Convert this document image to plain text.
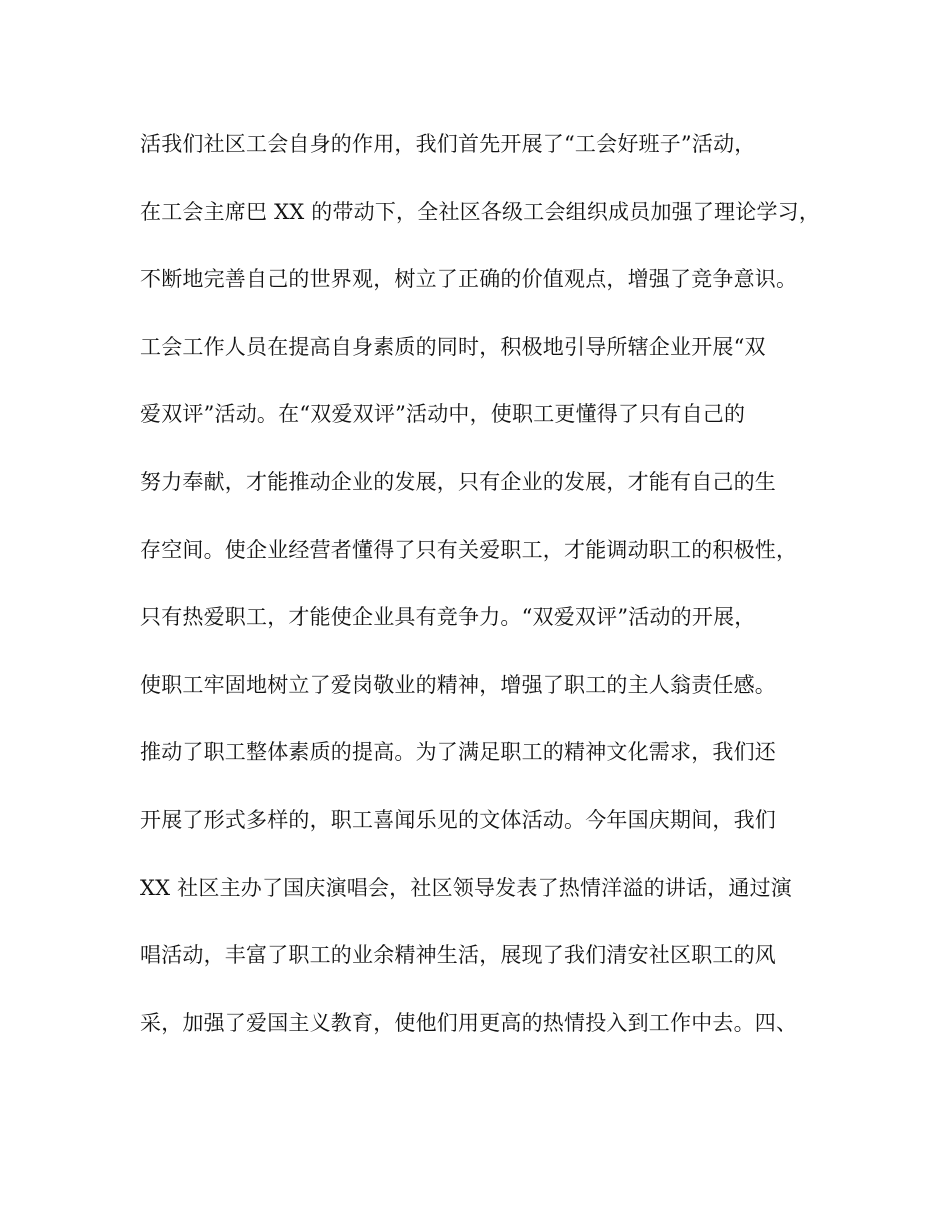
活我们社区工会自身的作用，我们首先开展了“工会好班子”活动，
在工会主席巴 XX 的带动下，全社区各级工会组织成员加强了理论学习，
不断地完善自己的世界观，树立了正确的价值观点，增强了竞争意识。
工会工作人员在提高自身素质的同时，积极地引导所辖企业开展“双
爱双评”活动。在“双爱双评”活动中，使职工更懂得了只有自己的
努力奉献，才能推动企业的发展，只有企业的发展，才能有自己的生
存空间。使企业经营者懂得了只有关爱职工，才能调动职工的积极性，
只有热爱职工，才能使企业具有竞争力。“双爱双评”活动的开展，
使职工牢固地树立了爱岗敬业的精神，增强了职工的主人翁责任感。
推动了职工整体素质的提高。为了满足职工的精神文化需求，我们还
开展了形式多样的，职工喜闻乐见的文体活动。今年国庆期间，我们
XX 社区主办了国庆演唱会，社区领导发表了热情洋溢的讲话，通过演
唱活动，丰富了职工的业余精神生活，展现了我们清安社区职工的风
采，加强了爱国主义教育，使他们用更高的热情投入到工作中去。四、
